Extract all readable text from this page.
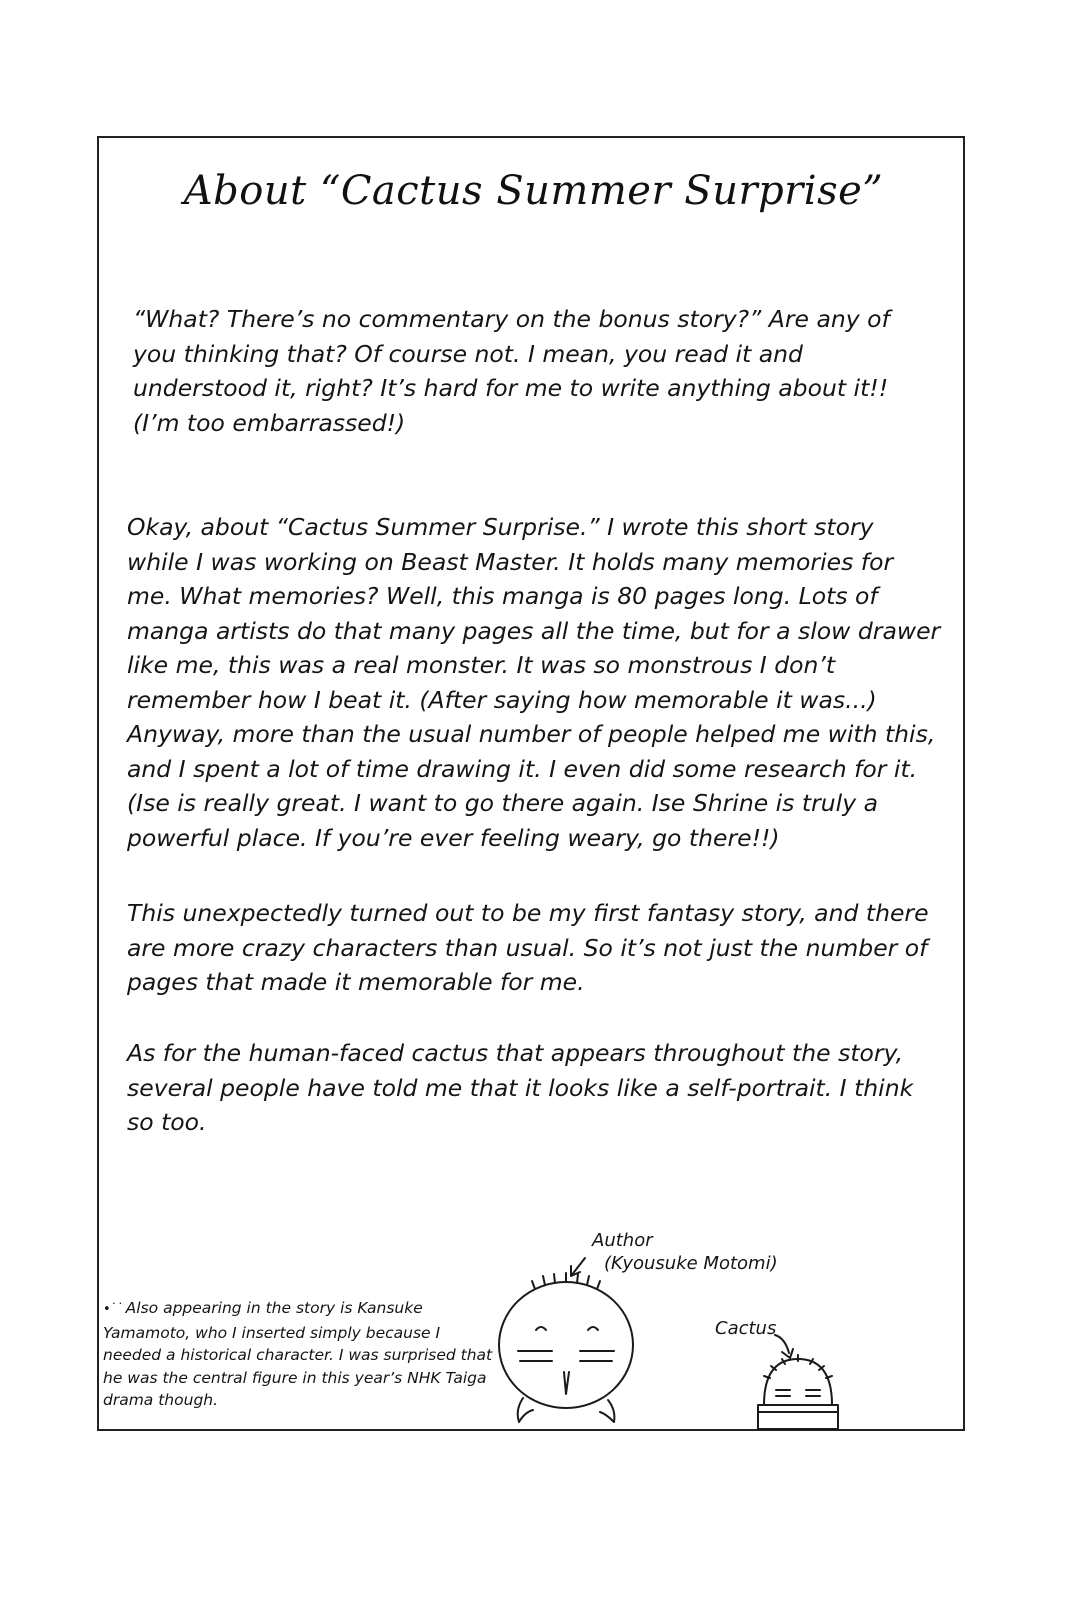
About “Cactus Summer Surprise”

“What? There’s no commentary on the bonus story?” Are any of you thinking that? Of course not. I mean, you read it and understood it, right? It’s hard for me to write anything about it!! (I’m too embarrassed!)

Okay, about “Cactus Summer Surprise.” I wrote this short story while I was working on Beast Master. It holds many memories for me. What memories? Well, this manga is 80 pages long. Lots of manga artists do that many pages all the time, but for a slow drawer like me, this was a real monster. It was so monstrous I don’t remember how I beat it. (After saying how memorable it was...) Anyway, more than the usual number of people helped me with this, and I spent a lot of time drawing it. I even did some research for it. (Ise is really great. I want to go there again. Ise Shrine is truly a powerful place. If you’re ever feeling weary, go there!!)

This unexpectedly turned out to be my first fantasy story, and there are more crazy characters than usual. So it’s not just the number of pages that made it memorable for me.

As for the human-faced cactus that appears throughout the story, several people have told me that it looks like a self-portrait. I think so too.

•˙˙ Also appearing in the story is Kansuke Yamamoto, who I inserted simply because I needed a historical character. I was surprised that he was the central figure in this year’s NHK Taiga drama though.

Author
(Kyousuke Motomi)
Cactus
